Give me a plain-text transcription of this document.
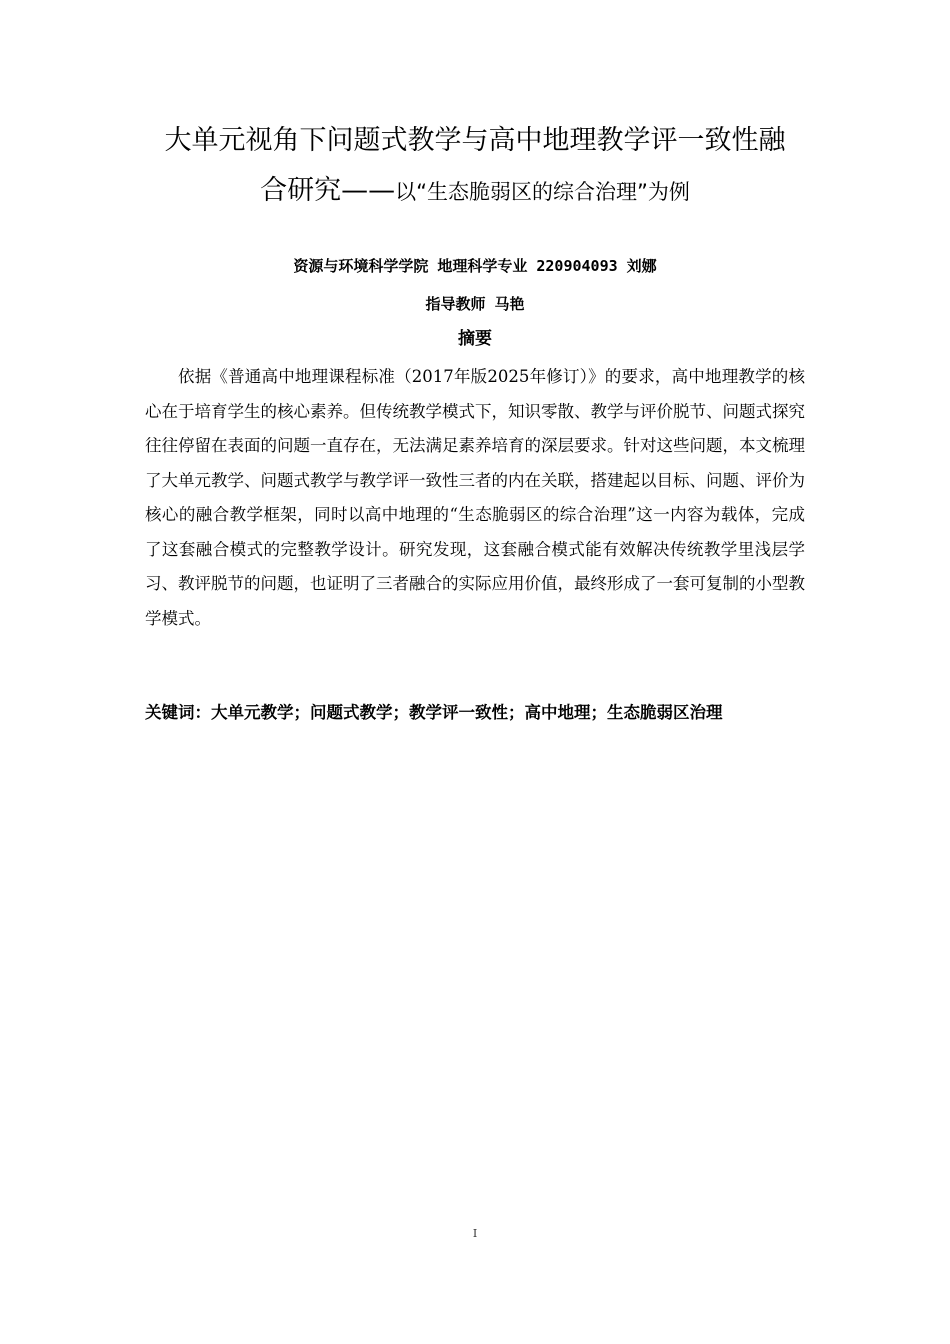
大单元视角下问题式教学与高中地理教学评一致性融
合研究——以“生态脆弱区的综合治理”为例
资源与环境科学学院 地理科学专业 220904093 刘娜
指导教师 马艳
摘要

依据《普通高中地理课程标准（2017年版2025年修订）》的要求，高中地理教学的核心在于培育学生的核心素养。但传统教学模式下，知识零散、教学与评价脱节、问题式探究往往停留在表面的问题一直存在，无法满足素养培育的深层要求。针对这些问题，本文梳理了大单元教学、问题式教学与教学评一致性三者的内在关联，搭建起以目标、问题、评价为核心的融合教学框架，同时以高中地理的“生态脆弱区的综合治理”这一内容为载体，完成了这套融合模式的完整教学设计。研究发现，这套融合模式能有效解决传统教学里浅层学习、教评脱节的问题，也证明了三者融合的实际应用价值，最终形成了一套可复制的小型教学模式。

关键词：大单元教学；问题式教学；教学评一致性；高中地理；生态脆弱区治理
I
